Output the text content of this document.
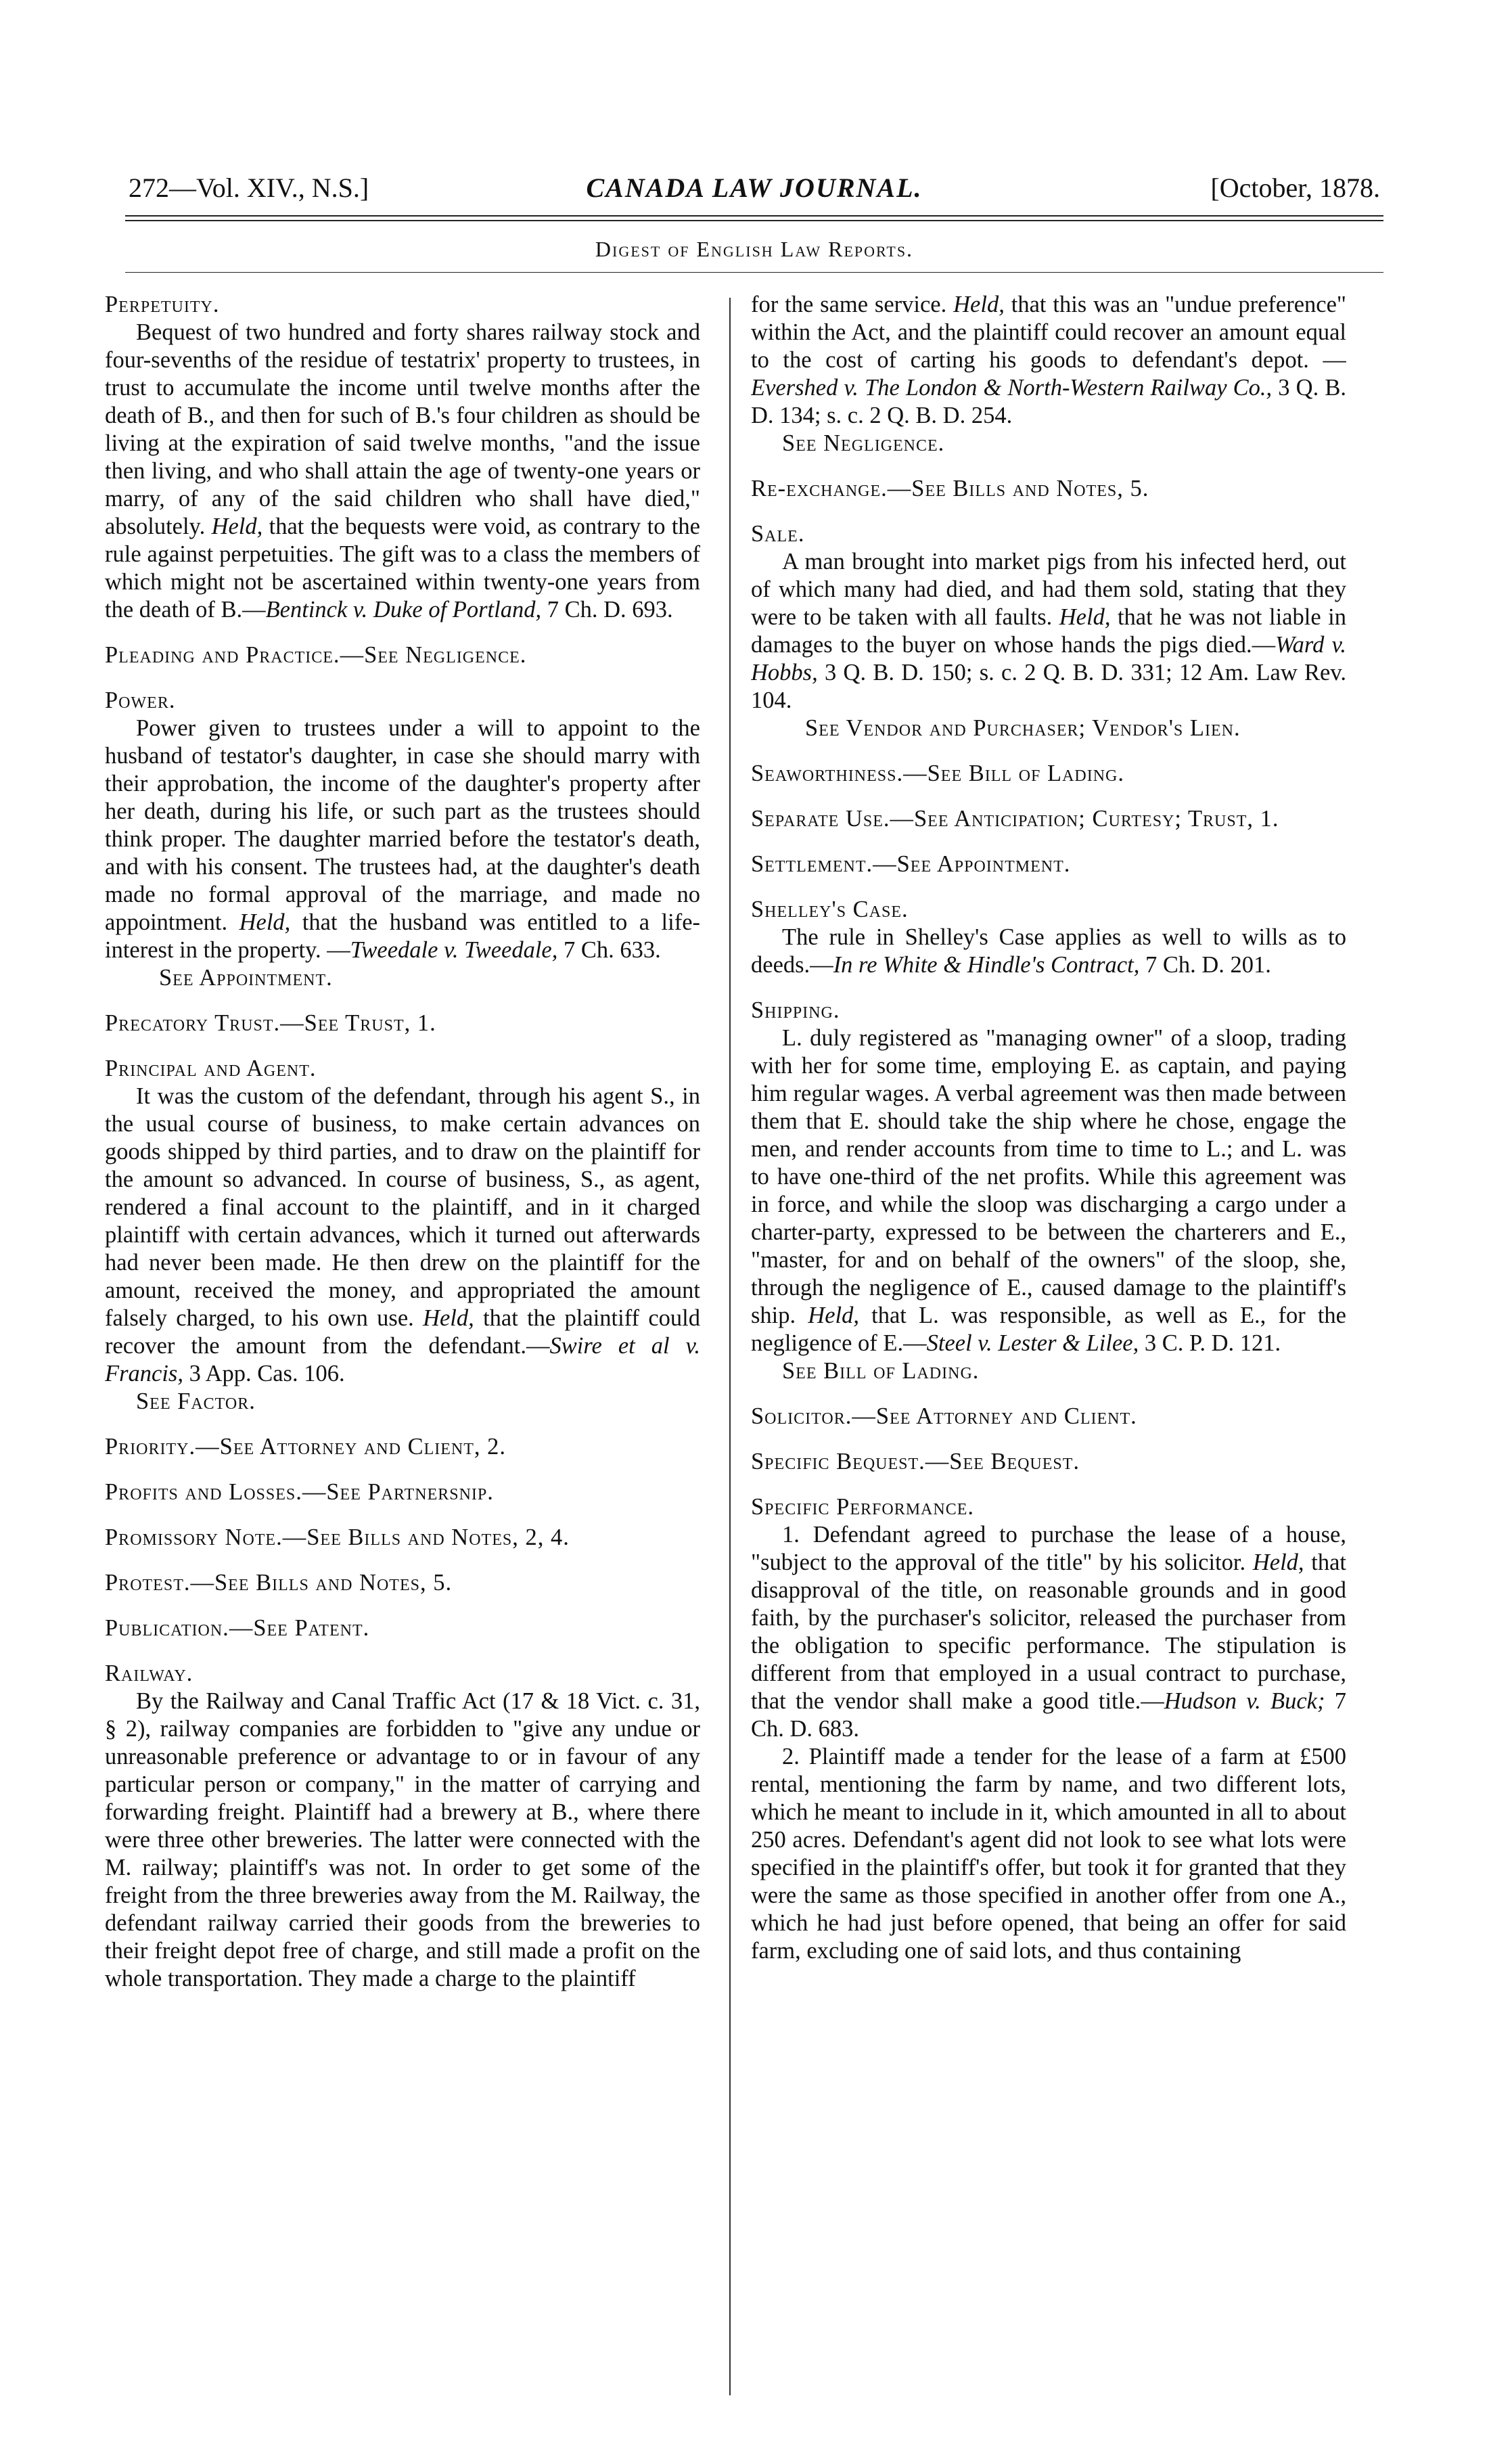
272—Vol. XIV., N.S.]	CANADA LAW JOURNAL.	[October, 1878.
Digest of English Law Reports.
Perpetuity.

Bequest of two hundred and forty shares railway stock and four-sevenths of the residue of testatrix' property to trustees, in trust to accumulate the income until twelve months after the death of B., and then for such of B.'s four children as should be living at the expiration of said twelve months, "and the issue then living, and who shall attain the age of twenty-one years or marry, of any of the said children who shall have died," absolutely. Held, that the bequests were void, as contrary to the rule against perpetuities. The gift was to a class the members of which might not be ascertained within twenty-one years from the death of B.—Bentinck v. Duke of Portland, 7 Ch. D. 693.

Pleading and Practice.—See Negligence.
Power.

Power given to trustees under a will to appoint to the husband of testator's daughter, in case she should marry with their approbation, the income of the daughter's property after her death, during his life, or such part as the trustees should think proper. The daughter married before the testator's death, and with his consent. The trustees had, at the daughter's death made no formal approval of the marriage, and made no appointment. Held, that the husband was entitled to a life-interest in the property. —Tweedale v. Tweedale, 7 Ch. 633.

See Appointment.

Precatory Trust.—See Trust, 1.
Principal and Agent.

It was the custom of the defendant, through his agent S., in the usual course of business, to make certain advances on goods shipped by third parties, and to draw on the plaintiff for the amount so advanced. In course of business, S., as agent, rendered a final account to the plaintiff, and in it charged plaintiff with certain advances, which it turned out afterwards had never been made. He then drew on the plaintiff for the amount, received the money, and appropriated the amount falsely charged, to his own use. Held, that the plaintiff could recover the amount from the defendant.—Swire et al v. Francis, 3 App. Cas. 106.

See Factor.

Priority.—See Attorney and Client, 2.
Profits and Losses.—See Partnersnip.
Promissory Note.—See Bills and Notes, 2, 4.
Protest.—See Bills and Notes, 5.
Publication.—See Patent.
Railway.

By the Railway and Canal Traffic Act (17 & 18 Vict. c. 31, § 2), railway companies are forbidden to "give any undue or unreasonable preference or advantage to or in favour of any particular person or company," in the matter of carrying and forwarding freight. Plaintiff had a brewery at B., where there were three other breweries. The latter were connected with the M. railway; plaintiff's was not. In order to get some of the freight from the three breweries away from the M. Railway, the defendant railway carried their goods from the breweries to their freight depot free of charge, and still made a profit on the whole transportation. They made a charge to the plaintiff

for the same service. Held, that this was an "undue preference" within the Act, and the plaintiff could recover an amount equal to the cost of carting his goods to defendant's depot. —Evershed v. The London & North-Western Railway Co., 3 Q. B. D. 134; s. c. 2 Q. B. D. 254.

See Negligence.

Re-exchange.—See Bills and Notes, 5.
Sale.

A man brought into market pigs from his infected herd, out of which many had died, and had them sold, stating that they were to be taken with all faults. Held, that he was not liable in damages to the buyer on whose hands the pigs died.—Ward v. Hobbs, 3 Q. B. D. 150; s. c. 2 Q. B. D. 331; 12 Am. Law Rev. 104.

See Vendor and Purchaser; Vendor's Lien.

Seaworthiness.—See Bill of Lading.
Separate Use.—See Anticipation; Curtesy; Trust, 1.
Settlement.—See Appointment.
Shelley's Case.

The rule in Shelley's Case applies as well to wills as to deeds.—In re White & Hindle's Contract, 7 Ch. D. 201.

Shipping.

L. duly registered as "managing owner" of a sloop, trading with her for some time, employing E. as captain, and paying him regular wages. A verbal agreement was then made between them that E. should take the ship where he chose, engage the men, and render accounts from time to time to L.; and L. was to have one-third of the net profits. While this agreement was in force, and while the sloop was discharging a cargo under a charter-party, expressed to be between the charterers and E., "master, for and on behalf of the owners" of the sloop, she, through the negligence of E., caused damage to the plaintiff's ship. Held, that L. was responsible, as well as E., for the negligence of E.—Steel v. Lester & Lilee, 3 C. P. D. 121.

See Bill of Lading.

Solicitor.—See Attorney and Client.
Specific Bequest.—See Bequest.
Specific Performance.

1. Defendant agreed to purchase the lease of a house, "subject to the approval of the title" by his solicitor. Held, that disapproval of the title, on reasonable grounds and in good faith, by the purchaser's solicitor, released the purchaser from the obligation to specific performance. The stipulation is different from that employed in a usual contract to purchase, that the vendor shall make a good title.—Hudson v. Buck; 7 Ch. D. 683.

2. Plaintiff made a tender for the lease of a farm at £500 rental, mentioning the farm by name, and two different lots, which he meant to include in it, which amounted in all to about 250 acres. Defendant's agent did not look to see what lots were specified in the plaintiff's offer, but took it for granted that they were the same as those specified in another offer from one A., which he had just before opened, that being an offer for said farm, excluding one of said lots, and thus containing
